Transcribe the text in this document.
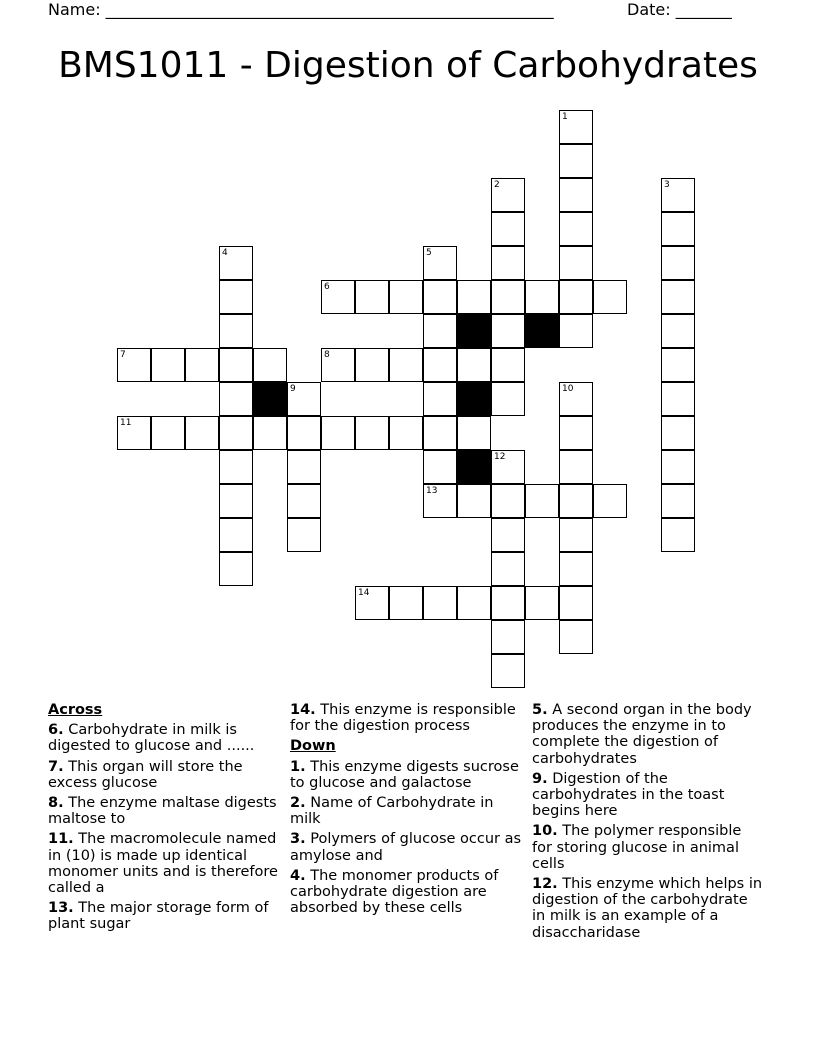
Name: ________________________________________________________	Date: _______
BMS1011 - Digestion of Carbohydrates
1
2	3
4	5
6
7	8
9	10
11
12
13
14
Across
6. Carbohydrate in milk is digested to glucose and ......
7. This organ will store the excess glucose
8. The enzyme maltase digests maltose to
11. The macromolecule named in (10) is made up identical monomer units and is therefore called a
13. The major storage form of plant sugar
14. This enzyme is responsible for the digestion process
Down
1. This enzyme digests sucrose to glucose and galactose
2. Name of Carbohydrate in milk
3. Polymers of glucose occur as amylose and
4. The monomer products of carbohydrate digestion are absorbed by these cells
5. A second organ in the body produces the enzyme in to complete the digestion of carbohydrates
9. Digestion of the carbohydrates in the toast begins here
10. The polymer responsible for storing glucose in animal cells
12. This enzyme which helps in digestion of the carbohydrate in milk is an example of a disaccharidase
